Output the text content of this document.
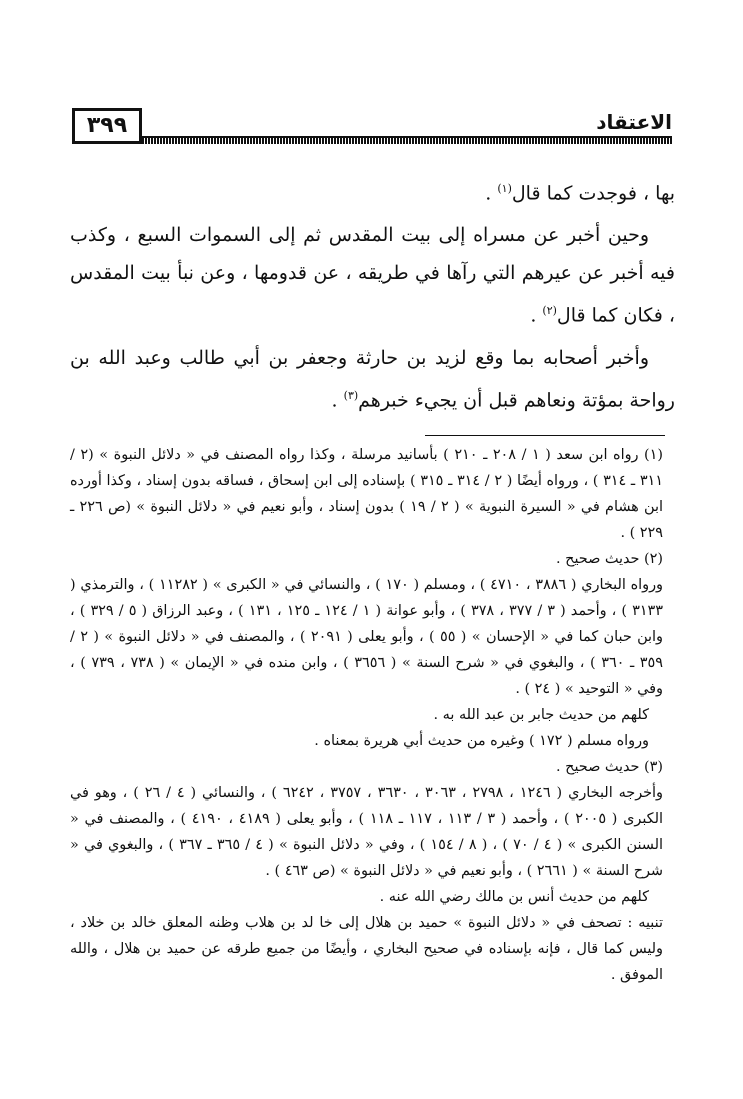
٣٩٩	الاعتقاد

بها ، فوجدت كما قال$^{(١)}$ .

وحين أخبر عن مسراه إلى بيت المقدس ثم إلى السموات السبع ، وكذب فيه أخبر عن عيرهم التي رآها في طريقه ، عن قدومها ، وعن نبأ بيت المقدس ، فكان كما قال$^{(٢)}$ .

وأخبر أصحابه بما وقع لزيد بن حارثة وجعفر بن أبي طالب وعبد الله بن رواحة بمؤتة ونعاهم قبل أن يجيء خبرهم$^{(٣)}$ .

(١) رواه ابن سعد ( ١ / ٢٠٨ ـ ٢١٠ ) بأسانيد مرسلة ، وكذا رواه المصنف في « دلائل النبوة » (٢ / ٣١١ ـ ٣١٤ ) ، ورواه أيضًا ( ٢ / ٣١٤ ـ ٣١٥ ) بإسناده إلى ابن إسحاق ، فساقه بدون إسناد ، وكذا أورده ابن هشام في « السيرة النبوية » ( ٢ / ١٩ ) بدون إسناد ، وأبو نعيم في « دلائل النبوة » (ص ٢٢٦ ـ ٢٢٩ ) .

(٢) حديث صحيح .

ورواه البخاري ( ٣٨٨٦ ، ٤٧١٠ ) ، ومسلم ( ١٧٠ ) ، والنسائي في « الكبرى » ( ١١٢٨٢ ) ، والترمذي ( ٣١٣٣ ) ، وأحمد ( ٣ / ٣٧٧ ، ٣٧٨ ) ، وأبو عوانة ( ١ / ١٢٤ ـ ١٢٥ ، ١٣١ ) ، وعبد الرزاق ( ٥ / ٣٢٩ ) ، وابن حبان كما في « الإحسان » ( ٥٥ ) ، وأبو يعلى ( ٢٠٩١ ) ، والمصنف في « دلائل النبوة » ( ٢ / ٣٥٩ ـ ٣٦٠ ) ، والبغوي في « شرح السنة » ( ٣٦٥٦ ) ، وابن منده في « الإيمان » ( ٧٣٨ ، ٧٣٩ ) ، وفي « التوحيد » ( ٢٤ ) .

كلهم من حديث جابر بن عبد الله به .

ورواه مسلم ( ١٧٢ ) وغيره من حديث أبي هريرة بمعناه .

(٣) حديث صحيح .

وأخرجه البخاري ( ١٢٤٦ ، ٢٧٩٨ ، ٣٠٦٣ ، ٣٦٣٠ ، ٣٧٥٧ ، ٦٢٤٢ ) ، والنسائي ( ٤ / ٢٦ ) ، وهو في الكبرى ( ٢٠٠٥ ) ، وأحمد ( ٣ / ١١٣ ، ١١٧ ـ ١١٨ ) ، وأبو يعلى ( ٤١٨٩ ، ٤١٩٠ ) ، والمصنف في « السنن الكبرى » ( ٤ / ٧٠ ) ، ( ٨ / ١٥٤ ) ، وفي « دلائل النبوة » ( ٤ / ٣٦٥ ـ ٣٦٧ ) ، والبغوي في « شرح السنة » ( ٢٦٦١ ) ، وأبو نعيم في « دلائل النبوة » (ص ٤٦٣ ) .

كلهم من حديث أنس بن مالك رضي الله عنه .

تنبيه : تصحف في « دلائل النبوة » حميد بن هلال إلى خا لد بن هلاب وظنه المعلق خالد بن خلاد ، وليس كما قال ، فإنه بإسناده في صحيح البخاري ، وأيضًا من جميع طرقه عن حميد بن هلال ، والله الموفق .
